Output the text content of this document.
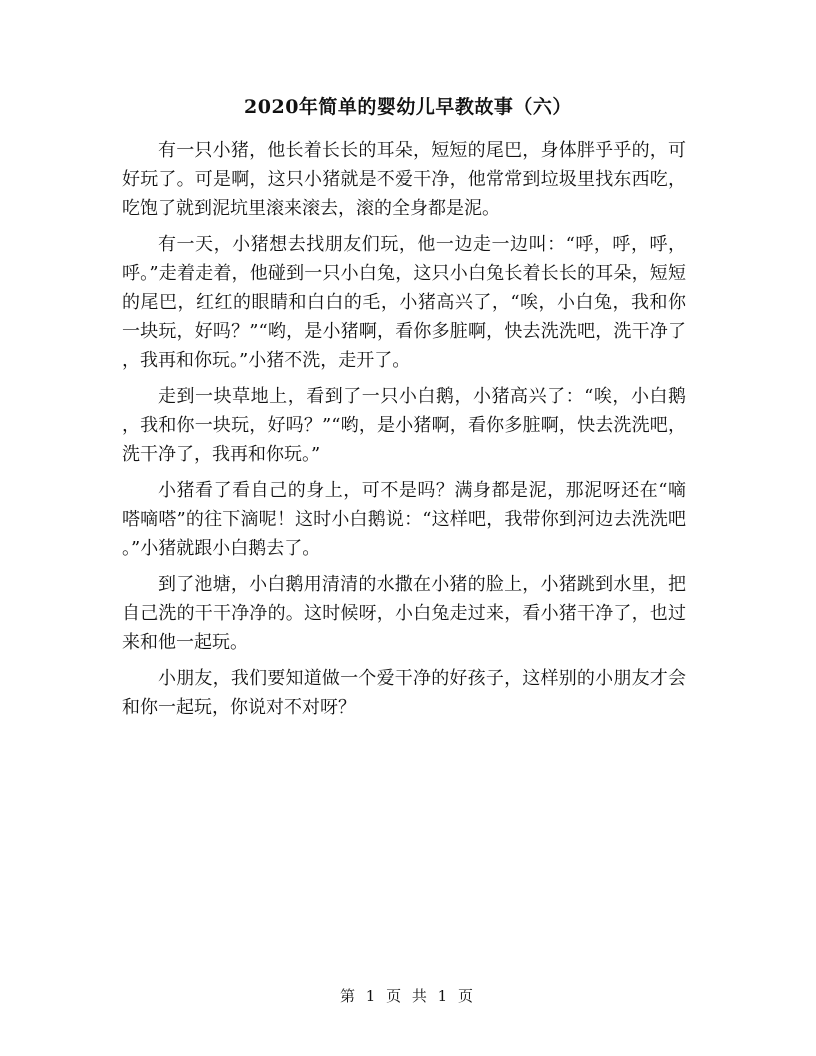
2020年简单的婴幼儿早教故事（六）

有一只小猪，他长着长长的耳朵，短短的尾巴，身体胖乎乎的，可好玩了。可是啊，这只小猪就是不爱干净，他常常到垃圾里找东西吃，吃饱了就到泥坑里滚来滚去，滚的全身都是泥。

有一天，小猪想去找朋友们玩，他一边走一边叫：“呼，呼，呼，呼。”走着走着，他碰到一只小白兔，这只小白兔长着长长的耳朵，短短的尾巴，红红的眼睛和白白的毛，小猪高兴了，“唉，小白兔，我和你一块玩，好吗？”“哟，是小猪啊，看你多脏啊，快去洗洗吧，洗干净了，我再和你玩。”小猪不洗，走开了。

走到一块草地上，看到了一只小白鹅，小猪高兴了：“唉，小白鹅，我和你一块玩，好吗？”“哟，是小猪啊，看你多脏啊，快去洗洗吧，洗干净了，我再和你玩。”

小猪看了看自己的身上，可不是吗？满身都是泥，那泥呀还在“嘀嗒嘀嗒”的往下滴呢！这时小白鹅说：“这样吧，我带你到河边去洗洗吧。”小猪就跟小白鹅去了。

到了池塘，小白鹅用清清的水撒在小猪的脸上，小猪跳到水里，把自己洗的干干净净的。这时候呀，小白兔走过来，看小猪干净了，也过来和他一起玩。

小朋友，我们要知道做一个爱干净的好孩子，这样别的小朋友才会和你一起玩，你说对不对呀？

第 1 页 共 1 页
